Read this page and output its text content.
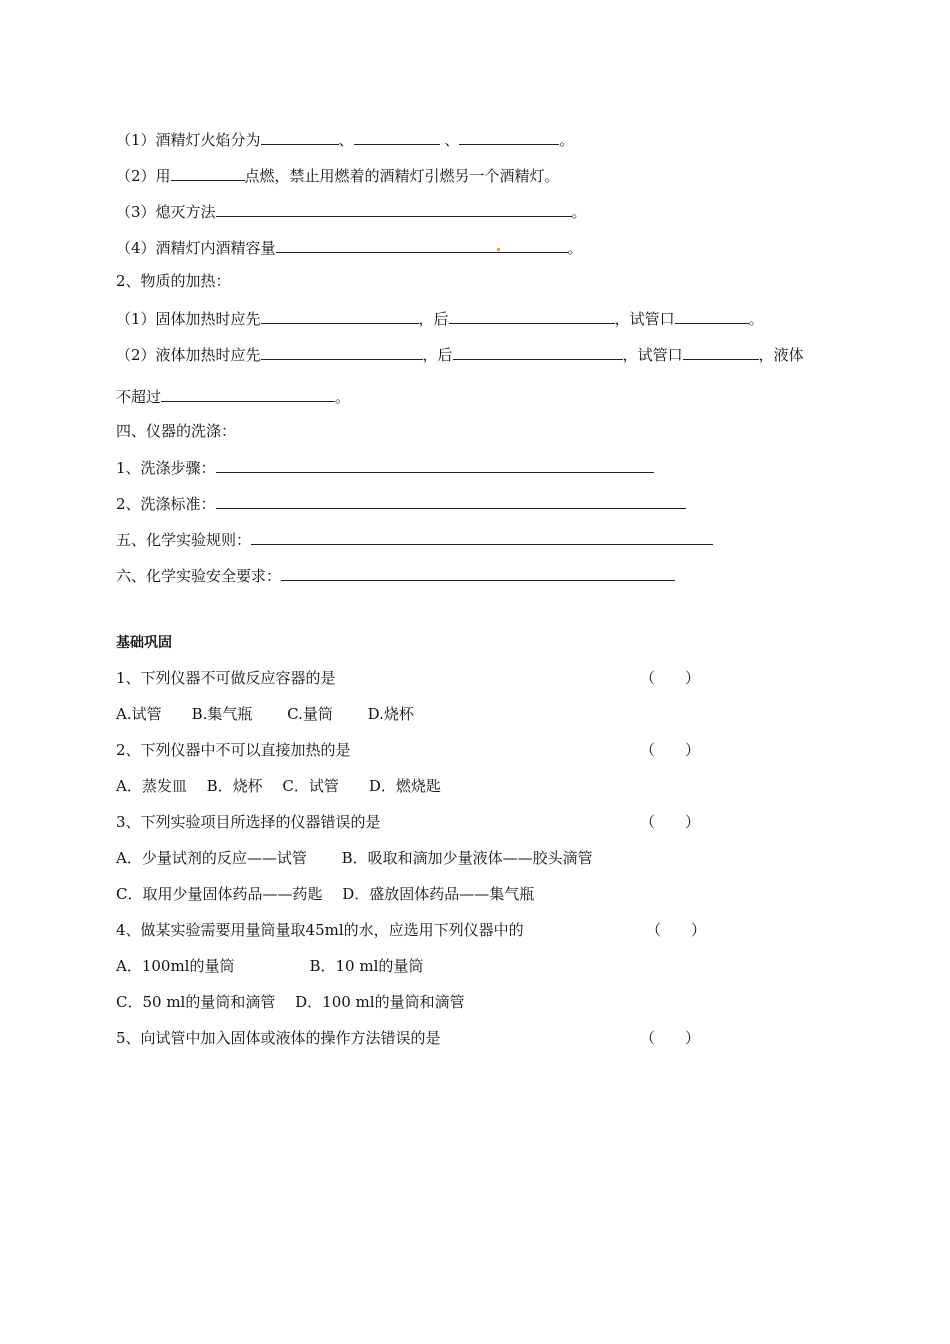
（1）酒精灯火焰分为	、	、	。
（2）用	点燃，禁止用燃着的酒精灯引燃另一个酒精灯。
（3）熄灭方法	。
（4）酒精灯内酒精容量	。
2、物质的加热：
（1）固体加热时应先	，后	，试管口	。
（2）液体加热时应先	，后	，试管口	，液体
不超过	。
四、仪器的洗涤：
1、洗涤步骤：
2、洗涤标准：
五、化学实验规则：
六、化学实验安全要求：
基础巩固
1、下列仪器不可做反应容器的是	（　　）
A.试管　　B.集气瓶　　 C.量筒　　 D.烧杯
2、下列仪器中不可以直接加热的是	（　　）
A．蒸发皿　 B．烧杯　 C．试管　　D．燃烧匙
3、下列实验项目所选择的仪器错误的是	（　　）
A．少量试剂的反应——试管　　 B．吸取和滴加少量液体——胶头滴管
C．取用少量固体药品——药匙　 D．盛放固体药品——集气瓶
4、做某实验需要用量筒量取45ml的水，应选用下列仪器中的	（　　）
A．100ml的量筒　　　　　B．10 ml的量筒
C．50 ml的量筒和滴管　 D．100 ml的量筒和滴管
5、向试管中加入固体或液体的操作方法错误的是	（　　）
